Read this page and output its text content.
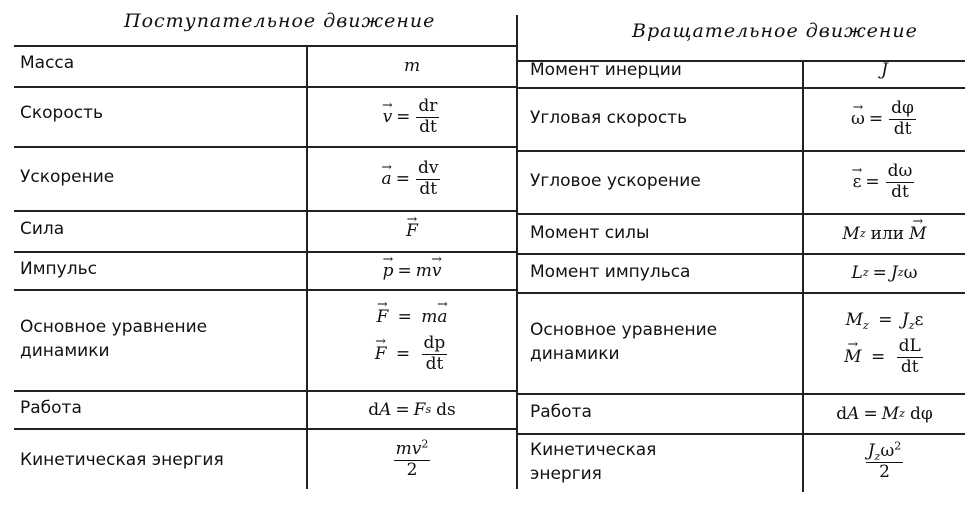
Поступательное движение	Вращательное движение
Масса
Скорость
Ускорение
Сила
Импульс
Основное уравнение
динамики
Работа
Кинетическая энергия
Момент инерции
Угловая скорость
Угловое ускорение
Момент силы
Момент импульса
Основное уравнение
динамики
Работа
Кинетическая
энергия
m
→ $v = \frac{dr}{dt}$
→ $a = \frac{dv}{dt}$
→ F
→ p = m → v
→ F = m→ a
→ $F = \frac{dp}{dt}$
d A = F s ds
$\frac{mv^2}{2}$
J
→ $\omega = \frac{d\varphi}{dt}$
→ $\varepsilon = \frac{d\omega}{dt}$
M z или → M
L z = J z ω
$M_z = J_z\varepsilon$
→ $M = \frac{dL}{dt}$
d A = M z dφ
$\frac{J_z\omega^2}{2}$
